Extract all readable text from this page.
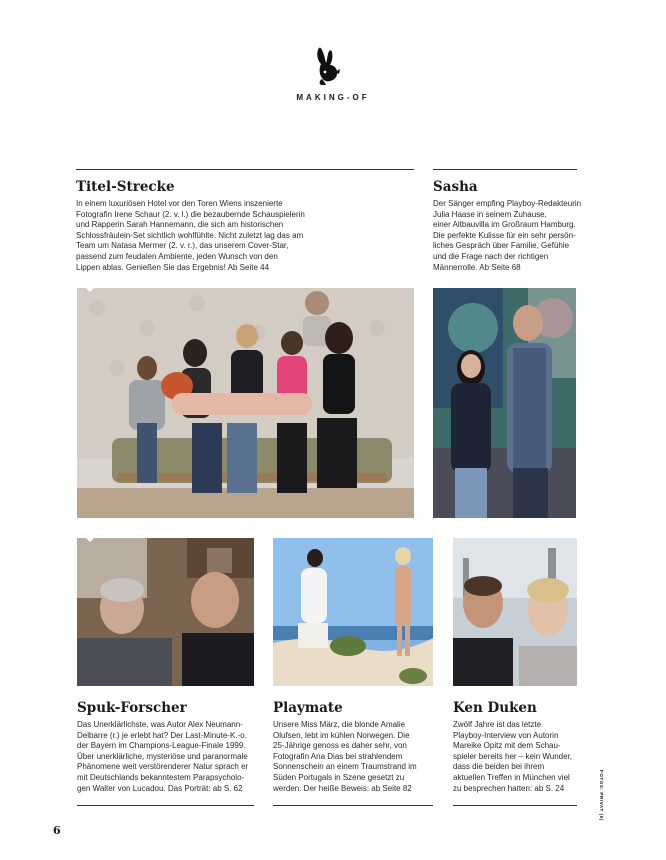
MAKING-OF
Titel-Strecke
In einem luxuriösen Hotel vor den Toren Wiens inszenierte
Fotografin Irene Schaur (2. v. l.) die bezaubernde Schauspielerin
und Rapperin Sarah Hannemann, die sich am historischen
Schlossfräulein-Set sichtlich wohlfühlte. Nicht zuletzt lag das am
Team um Natasa Mermer (2. v. r.), das unserem Cover-Star,
passend zum feudalen Ambiente, jeden Wunsch von den
Lippen ablas. Genießen Sie das Ergebnis! Ab Seite 44
Sasha
Der Sänger empfing Playboy-Redakteurin
Julia Haase in seinem Zuhause,
einer Altbauvilla im Großraum Hamburg.
Die perfekte Kulisse für ein sehr persön-
liches Gespräch über Familie, Gefühle
und die Frage nach der richtigen
Männerrolle. Ab Seite 68
Spuk-Forscher
Das Unerklärlichste, was Autor Alex Neumann-
Delbarre (r.) je erlebt hat? Der Last-Minute-K.-o.
der Bayern im Champions-League-Finale 1999.
Über unerklärliche, mysteriöse und paranormale
Phänomene weit verstörenderer Natur sprach er
mit Deutschlands bekanntestem Parapsycholo-
gen Walter von Lucadou. Das Porträt: ab S. 62
Playmate
Unsere Miss März, die blonde Amalie
Olufsen, lebt im kühlen Norwegen. Die
25-Jährige genoss es daher sehr, von
Fotografin Ana Dias bei strahlendem
Sonnenschein an einem Traumstrand im
Süden Portugals in Szene gesetzt zu
werden. Der heiße Beweis: ab Seite 82
Ken Duken
Zwölf Jahre ist das letzte
Playboy-Interview von Autorin
Mareike Opitz mit dem Schau-
spieler bereits her – kein Wunder,
dass die beiden bei ihrem
aktuellen Treffen in München viel
zu besprechen hatten: ab S. 24	FOTOS: PRIVAT (5)
6
